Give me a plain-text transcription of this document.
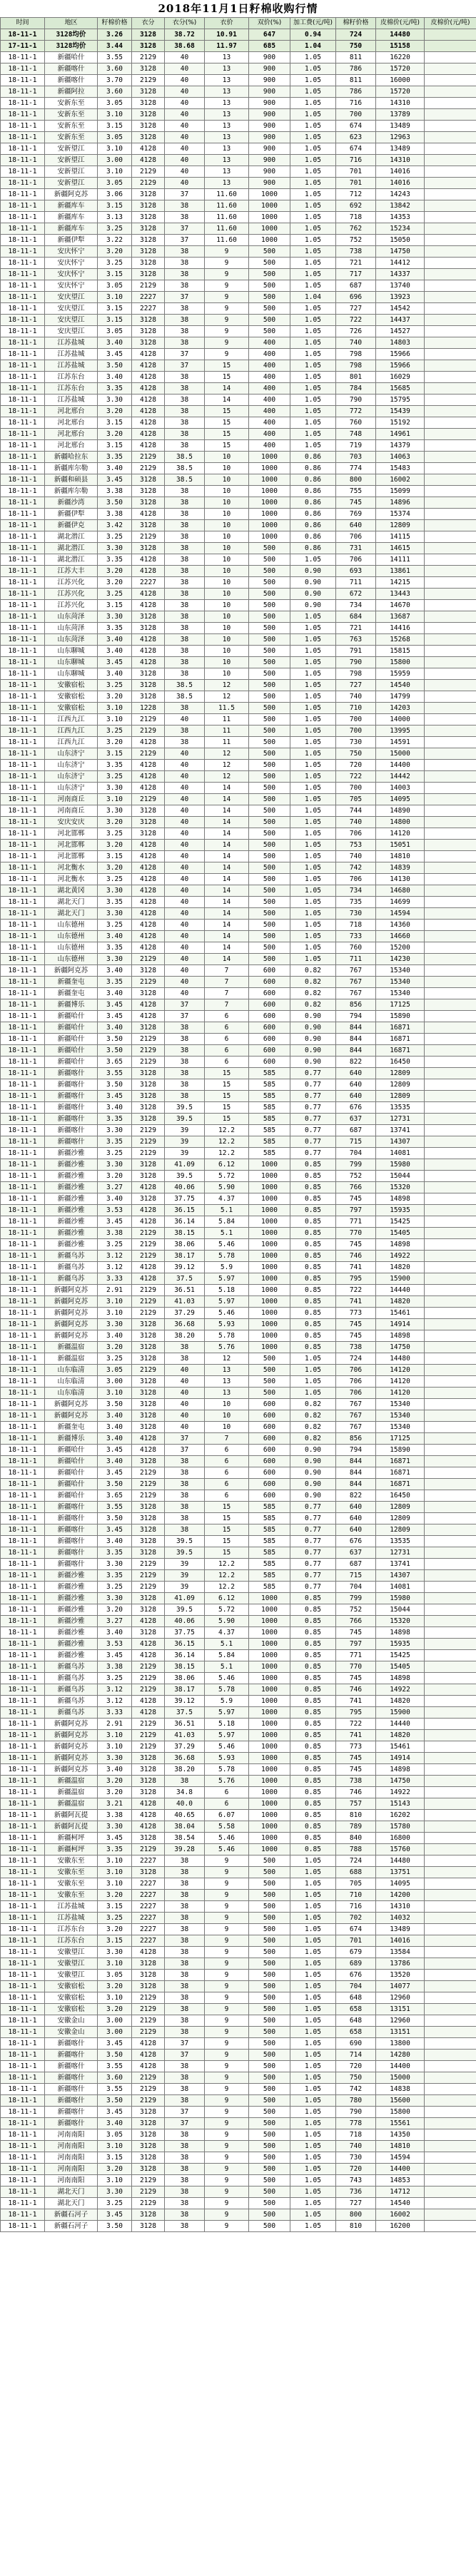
2018年11月1日籽棉收购行情
时间	地区	籽棉价格	衣分	衣分(%)	衣价	双价(%)	加工费(元/吨)	棉籽价格	皮棉价(元/吨)	皮棉价(元/吨)
18-11-1	3128均价	3.26	3128	38.72	10.91	647	0.94	724	14480	
17-11-1	3128均价	3.44	3128	38.68	11.97	685	1.04	750	15158	
18-11-1	新疆哈什	3.55	2129	40	13	900	1.05	811	16220	
18-11-1	新疆喀什	3.60	3128	40	13	900	1.05	786	15720	
18-11-1	新疆喀什	3.70	2129	40	13	900	1.05	811	16000	
18-11-1	新疆阿拉	3.60	3128	40	13	900	1.05	786	15720	
18-11-1	安新东至	3.05	3128	40	13	900	1.05	716	14310	
18-11-1	安新东至	3.10	3128	40	13	900	1.05	700	13789	
18-11-1	安新东至	3.15	3128	40	13	900	1.05	674	13489	
18-11-1	安新东至	3.05	3128	40	13	900	1.05	623	12963	
18-11-1	安新望江	3.10	4128	40	13	900	1.05	674	13489	
18-11-1	安新望江	3.00	4128	40	13	900	1.05	716	14310	
18-11-1	安新望江	3.10	2129	40	13	900	1.05	701	14016	
18-11-1	安新望江	3.05	2129	40	13	900	1.05	701	14016	
18-11-1	新疆阿克苏	3.06	3128	37	11.60	1000	1.05	712	14243	
18-11-1	新疆库车	3.15	3128	38	11.60	1000	1.05	692	13842	
18-11-1	新疆库车	3.13	3128	38	11.60	1000	1.05	718	14353	
18-11-1	新疆库车	3.25	3128	37	11.60	1000	1.05	762	15234	
18-11-1	新疆伊犁	3.22	3128	37	11.60	1000	1.05	752	15050	
18-11-1	安庆怀宁	3.20	3128	38	9	500	1.05	738	14750	
18-11-1	安庆怀宁	3.25	3128	38	9	500	1.05	721	14412	
18-11-1	安庆怀宁	3.15	3128	38	9	500	1.05	717	14337	
18-11-1	安庆怀宁	3.05	2129	38	9	500	1.05	687	13740	
18-11-1	安庆望江	3.10	2227	37	9	500	1.04	696	13923	
18-11-1	安庆望江	3.15	2227	38	9	500	1.05	727	14542	
18-11-1	安庆望江	3.15	3128	38	9	500	1.05	722	14437	
18-11-1	安庆望江	3.05	3128	38	9	500	1.05	726	14527	
18-11-1	江苏盐城	3.40	3128	38	9	400	1.05	740	14803	
18-11-1	江苏盐城	3.45	4128	37	9	400	1.05	798	15966	
18-11-1	江苏盐城	3.50	4128	37	15	400	1.05	798	15966	
18-11-1	江苏东台	3.40	4128	38	15	400	1.05	801	16029	
18-11-1	江苏东台	3.35	4128	38	14	400	1.05	784	15685	
18-11-1	江苏盐城	3.30	4128	38	14	400	1.05	790	15795	
18-11-1	河北邢台	3.20	4128	38	15	400	1.05	772	15439	
18-11-1	河北邢台	3.15	4128	38	15	400	1.05	760	15192	
18-11-1	河北邢台	3.20	4128	38	15	400	1.05	748	14961	
18-11-1	河北邢台	3.15	4128	38	15	400	1.05	719	14379	
18-11-1	新疆哈拉东	3.35	2129	38.5	10	1000	0.86	703	14063	
18-11-1	新疆库尔勒	3.40	2129	38.5	10	1000	0.86	774	15483	
18-11-1	新疆和硕县	3.45	3128	38.5	10	1000	0.86	800	16002	
18-11-1	新疆库尔勒	3.38	3128	38	10	1000	0.86	755	15099	
18-11-1	新疆沙湾	3.50	3128	38	10	1000	0.86	745	14896	
18-11-1	新疆伊犁	3.38	4128	38	10	1000	0.86	769	15374	
18-11-1	新疆伊克	3.42	3128	38	10	1000	0.86	640	12809	
18-11-1	湖北潜江	3.25	2129	38	10	1000	0.86	706	14115	
18-11-1	湖北潜江	3.30	3128	38	10	500	0.86	731	14615	
18-11-1	湖北潜江	3.35	4128	38	10	500	1.05	706	14111	
18-11-1	江苏大丰	3.20	4128	38	10	500	0.90	693	13861	
18-11-1	江苏兴化	3.20	2227	38	10	500	0.90	711	14215	
18-11-1	江苏兴化	3.25	4128	38	10	500	0.90	672	13443	
18-11-1	江苏兴化	3.15	4128	38	10	500	0.90	734	14670	
18-11-1	山东菏泽	3.30	3128	38	10	500	1.05	684	13687	
18-11-1	山东菏泽	3.35	3128	38	10	500	1.05	721	14416	
18-11-1	山东菏泽	3.40	4128	38	10	500	1.05	763	15268	
18-11-1	山东聊城	3.40	4128	38	10	500	1.05	791	15815	
18-11-1	山东聊城	3.45	4128	38	10	500	1.05	790	15800	
18-11-1	山东聊城	3.40	3128	38	10	500	1.05	798	15959	
18-11-1	安徽宿松	3.25	3128	38.5	12	500	1.05	727	14540	
18-11-1	安徽宿松	3.20	3128	38.5	12	500	1.05	740	14799	
18-11-1	安徽宿松	3.10	1228	38	11.5	500	1.05	710	14203	
18-11-1	江西九江	3.10	2129	40	11	500	1.05	700	14000	
18-11-1	江西九江	3.25	2129	38	11	500	1.05	700	13995	
18-11-1	江西九江	3.20	4128	38	11	500	1.05	730	14591	
18-11-1	山东济宁	3.15	2129	40	12	500	1.05	750	15000	
18-11-1	山东济宁	3.35	4128	40	12	500	1.05	720	14400	
18-11-1	山东济宁	3.25	4128	40	12	500	1.05	722	14442	
18-11-1	山东济宁	3.30	4128	40	14	500	1.05	700	14003	
18-11-1	河南商丘	3.10	2129	40	14	500	1.05	705	14095	
18-11-1	河南商丘	3.30	3128	40	14	500	1.05	744	14890	
18-11-1	安庆安庆	3.20	3128	40	14	500	1.05	740	14800	
18-11-1	河北邯郸	3.25	3128	40	14	500	1.05	706	14120	
18-11-1	河北邯郸	3.20	4128	40	14	500	1.05	753	15051	
18-11-1	河北邯郸	3.15	4128	40	14	500	1.05	740	14810	
18-11-1	河北衡水	3.20	4128	40	14	500	1.05	742	14839	
18-11-1	河北衡水	3.25	4128	40	14	500	1.05	706	14130	
18-11-1	湖北黄冈	3.30	4128	40	14	500	1.05	734	14680	
18-11-1	湖北天门	3.35	4128	40	14	500	1.05	735	14699	
18-11-1	湖北天门	3.30	4128	40	14	500	1.05	730	14594	
18-11-1	山东德州	3.25	4128	40	14	500	1.05	718	14360	
18-11-1	山东德州	3.40	4128	40	14	500	1.05	733	14660	
18-11-1	山东德州	3.35	4128	40	14	500	1.05	760	15200	
18-11-1	山东德州	3.30	2129	40	14	500	1.05	711	14230	
18-11-1	新疆阿克苏	3.40	3128	40	7	600	0.82	767	15340	
18-11-1	新疆奎屯	3.35	2129	40	7	600	0.82	767	15340	
18-11-1	新疆奎屯	3.40	3128	40	7	600	0.82	767	15340	
18-11-1	新疆博乐	3.45	4128	37	7	600	0.82	856	17125	
18-11-1	新疆哈什	3.45	4128	37	6	600	0.90	794	15890	
18-11-1	新疆哈什	3.40	3128	38	6	600	0.90	844	16871	
18-11-1	新疆哈什	3.50	2129	38	6	600	0.90	844	16871	
18-11-1	新疆哈什	3.50	2129	38	6	600	0.90	844	16871	
18-11-1	新疆哈什	3.65	2129	38	6	600	0.90	822	16450	
18-11-1	新疆喀什	3.55	3128	38	15	585	0.77	640	12809	
18-11-1	新疆喀什	3.50	3128	38	15	585	0.77	640	12809	
18-11-1	新疆喀什	3.45	3128	38	15	585	0.77	640	12809	
18-11-1	新疆喀什	3.40	3128	39.5	15	585	0.77	676	13535	
18-11-1	新疆喀什	3.35	3128	39.5	15	585	0.77	637	12731	
18-11-1	新疆喀什	3.30	2129	39	12.2	585	0.77	687	13741	
18-11-1	新疆喀什	3.35	2129	39	12.2	585	0.77	715	14307	
18-11-1	新疆沙雅	3.25	2129	39	12.2	585	0.77	704	14081	
18-11-1	新疆沙雅	3.30	3128	41.09	6.12	1000	0.85	799	15980	
18-11-1	新疆沙雅	3.20	3128	39.5	5.72	1000	0.85	752	15044	
18-11-1	新疆沙雅	3.27	4128	40.06	5.90	1000	0.85	766	15320	
18-11-1	新疆沙雅	3.40	3128	37.75	4.37	1000	0.85	745	14898	
18-11-1	新疆沙雅	3.53	4128	36.15	5.1	1000	0.85	797	15935	
18-11-1	新疆沙雅	3.45	4128	36.14	5.84	1000	0.85	771	15425	
18-11-1	新疆沙雅	3.38	2129	38.15	5.1	1000	0.85	770	15405	
18-11-1	新疆沙雅	3.25	2129	38.06	5.46	1000	0.85	745	14898	
18-11-1	新疆乌苏	3.12	2129	38.17	5.78	1000	0.85	746	14922	
18-11-1	新疆乌苏	3.12	4128	39.12	5.9	1000	0.85	741	14820	
18-11-1	新疆乌苏	3.33	4128	37.5	5.97	1000	0.85	795	15900	
18-11-1	新疆阿克苏	2.91	2129	36.51	5.18	1000	0.85	722	14440	
18-11-1	新疆阿克苏	3.10	2129	41.03	5.97	1000	0.85	741	14820	
18-11-1	新疆阿克苏	3.10	2129	37.29	5.46	1000	0.85	773	15461	
18-11-1	新疆阿克苏	3.30	3128	36.68	5.93	1000	0.85	745	14914	
18-11-1	新疆阿克苏	3.40	3128	38.20	5.78	1000	0.85	745	14898	
18-11-1	新疆温宿	3.20	3128	38	5.76	1000	0.85	738	14750	
18-11-1	新疆温宿	3.25	3128	38	12	500	1.05	724	14480	
18-11-1	山东临清	3.05	2129	40	13	500	1.05	706	14120	
18-11-1	山东临清	3.00	3128	40	13	500	1.05	706	14120	
18-11-1	山东临清	3.10	3128	40	13	500	1.05	706	14120	
18-11-1	新疆阿克苏	3.50	3128	40	10	600	0.82	767	15340	
18-11-1	新疆阿克苏	3.40	3128	40	10	600	0.82	767	15340	
18-11-1	新疆奎屯	3.40	3128	40	10	600	0.82	767	15340	
18-11-1	新疆博乐	3.40	4128	37	7	600	0.82	856	17125	
18-11-1	新疆哈什	3.45	4128	37	6	600	0.90	794	15890	
18-11-1	新疆哈什	3.40	3128	38	6	600	0.90	844	16871	
18-11-1	新疆哈什	3.45	2129	38	6	600	0.90	844	16871	
18-11-1	新疆哈什	3.50	2129	38	6	600	0.90	844	16871	
18-11-1	新疆哈什	3.65	2129	38	6	600	0.90	822	16450	
18-11-1	新疆喀什	3.55	3128	38	15	585	0.77	640	12809	
18-11-1	新疆喀什	3.50	3128	38	15	585	0.77	640	12809	
18-11-1	新疆喀什	3.45	3128	38	15	585	0.77	640	12809	
18-11-1	新疆喀什	3.40	3128	39.5	15	585	0.77	676	13535	
18-11-1	新疆喀什	3.35	3128	39.5	15	585	0.77	637	12731	
18-11-1	新疆喀什	3.30	2129	39	12.2	585	0.77	687	13741	
18-11-1	新疆沙雅	3.35	2129	39	12.2	585	0.77	715	14307	
18-11-1	新疆沙雅	3.25	2129	39	12.2	585	0.77	704	14081	
18-11-1	新疆沙雅	3.30	3128	41.09	6.12	1000	0.85	799	15980	
18-11-1	新疆沙雅	3.20	3128	39.5	5.72	1000	0.85	752	15044	
18-11-1	新疆沙雅	3.27	4128	40.06	5.90	1000	0.85	766	15320	
18-11-1	新疆沙雅	3.40	3128	37.75	4.37	1000	0.85	745	14898	
18-11-1	新疆沙雅	3.53	4128	36.15	5.1	1000	0.85	797	15935	
18-11-1	新疆沙雅	3.45	4128	36.14	5.84	1000	0.85	771	15425	
18-11-1	新疆乌苏	3.38	2129	38.15	5.1	1000	0.85	770	15405	
18-11-1	新疆乌苏	3.25	2129	38.06	5.46	1000	0.85	745	14898	
18-11-1	新疆乌苏	3.12	2129	38.17	5.78	1000	0.85	746	14922	
18-11-1	新疆乌苏	3.12	4128	39.12	5.9	1000	0.85	741	14820	
18-11-1	新疆乌苏	3.33	4128	37.5	5.97	1000	0.85	795	15900	
18-11-1	新疆阿克苏	2.91	2129	36.51	5.18	1000	0.85	722	14440	
18-11-1	新疆阿克苏	3.10	2129	41.03	5.97	1000	0.85	741	14820	
18-11-1	新疆阿克苏	3.10	2129	37.29	5.46	1000	0.85	773	15461	
18-11-1	新疆阿克苏	3.30	3128	36.68	5.93	1000	0.85	745	14914	
18-11-1	新疆阿克苏	3.40	3128	38.20	5.78	1000	0.85	745	14898	
18-11-1	新疆温宿	3.20	3128	38	5.76	1000	0.85	738	14750	
18-11-1	新疆温宿	3.20	3128	34.8	6	1000	0.85	746	14922	
18-11-1	新疆温宿	3.21	4128	40.0	6	1000	0.85	757	15143	
18-11-1	新疆阿瓦提	3.38	4128	40.65	6.07	1000	0.85	810	16202	
18-11-1	新疆阿瓦提	3.30	4128	38.04	5.58	1000	0.85	789	15780	
18-11-1	新疆柯坪	3.45	3128	38.54	5.46	1000	0.85	840	16800	
18-11-1	新疆柯坪	3.35	2129	39.28	5.46	1000	0.85	788	15760	
18-11-1	安徽东至	3.10	2227	38	9	500	1.05	724	14480	
18-11-1	安徽东至	3.10	3128	38	9	500	1.05	688	13751	
18-11-1	安徽东至	3.10	2227	38	9	500	1.05	705	14095	
18-11-1	安徽东至	3.20	2227	38	9	500	1.05	710	14200	
18-11-1	江苏盐城	3.15	2227	38	9	500	1.05	716	14310	
18-11-1	江苏盐城	3.25	2227	38	9	500	1.05	702	14032	
18-11-1	江苏东台	3.20	2227	38	9	500	1.05	674	13489	
18-11-1	江苏东台	3.15	2227	38	9	500	1.05	701	14016	
18-11-1	安徽望江	3.30	4128	38	9	500	1.05	679	13584	
18-11-1	安徽望江	3.10	3128	38	9	500	1.05	689	13786	
18-11-1	安徽望江	3.05	3128	38	9	500	1.05	676	13520	
18-11-1	安徽宿松	3.20	3128	38	9	500	1.05	704	14077	
18-11-1	安徽宿松	3.10	2129	38	9	500	1.05	648	12960	
18-11-1	安徽宿松	3.20	2129	38	9	500	1.05	658	13151	
18-11-1	安徽金山	3.00	2129	38	9	500	1.05	648	12960	
18-11-1	安徽金山	3.00	2129	38	9	500	1.05	658	13151	
18-11-1	新疆喀什	3.45	4128	37	9	500	1.05	690	13800	
18-11-1	新疆喀什	3.50	4128	37	9	500	1.05	714	14280	
18-11-1	新疆喀什	3.55	4128	38	9	500	1.05	720	14400	
18-11-1	新疆喀什	3.60	2129	38	9	500	1.05	750	15000	
18-11-1	新疆喀什	3.55	2129	38	9	500	1.05	742	14838	
18-11-1	新疆喀什	3.50	2129	38	9	500	1.05	780	15600	
18-11-1	新疆喀什	3.45	3128	37	9	500	1.05	790	15800	
18-11-1	新疆喀什	3.40	3128	37	9	500	1.05	778	15561	
18-11-1	河南南阳	3.05	3128	38	9	500	1.05	718	14350	
18-11-1	河南南阳	3.10	3128	38	9	500	1.05	740	14810	
18-11-1	河南南阳	3.15	3128	38	9	500	1.05	730	14594	
18-11-1	河南南阳	3.20	3128	38	9	500	1.05	720	14400	
18-11-1	河南南阳	3.10	2129	38	9	500	1.05	743	14853	
18-11-1	湖北天门	3.30	2129	38	9	500	1.05	736	14712	
18-11-1	湖北天门	3.25	2129	38	9	500	1.05	727	14540	
18-11-1	新疆石河子	3.45	3128	38	9	500	1.05	800	16002	
18-11-1	新疆石河子	3.50	3128	38	9	500	1.05	810	16200	
